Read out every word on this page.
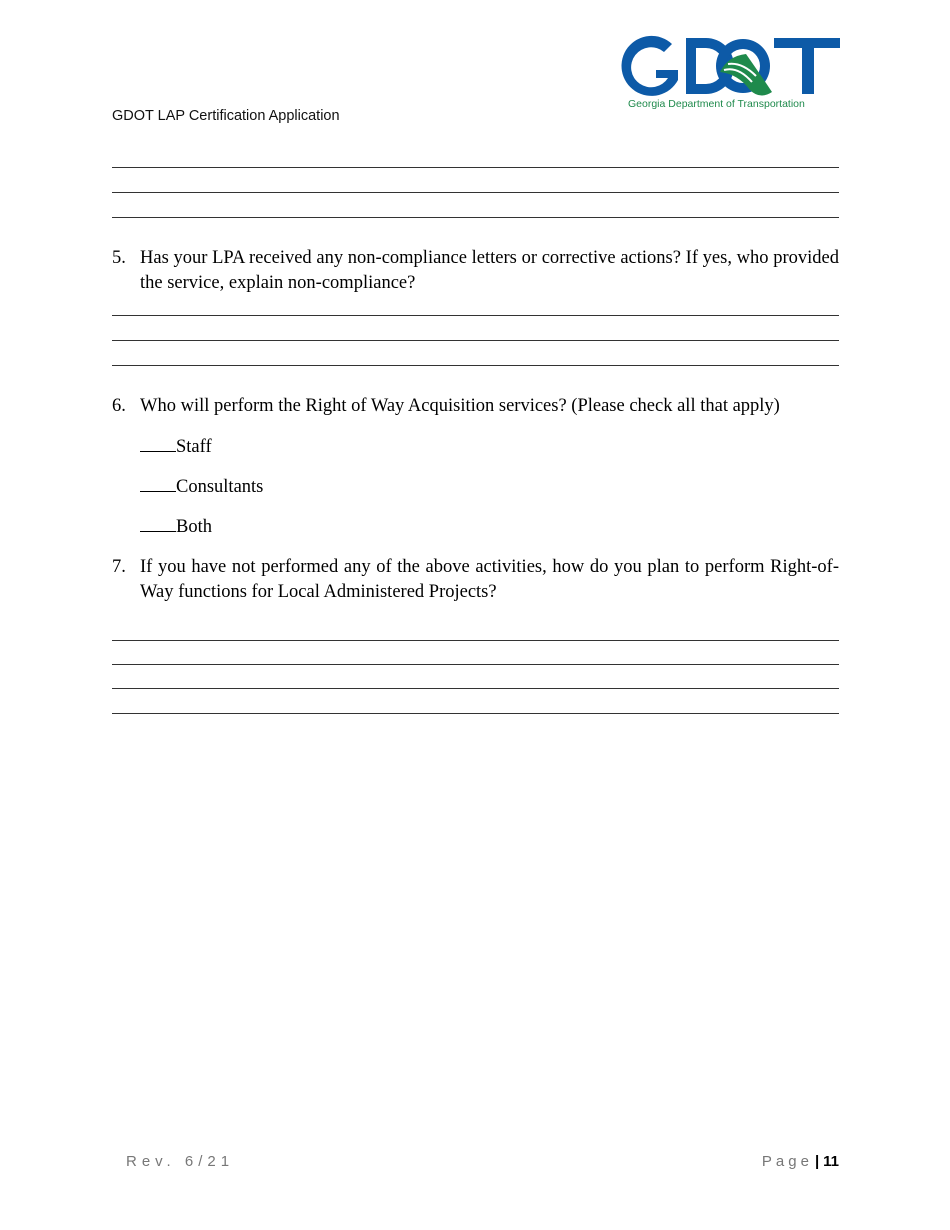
GDOT LAP Certification Application
Georgia Department of Transportation
5. Has your LPA received any non-compliance letters or corrective actions? If yes, who provided the service, explain non-compliance?
6. Who will perform the Right of Way Acquisition services? (Please check all that apply)
Staff
Consultants
Both
7. If you have not performed any of the above activities, how do you plan to perform Right-of-Way functions for Local Administered Projects?
Rev. 6/21	Page | 11
